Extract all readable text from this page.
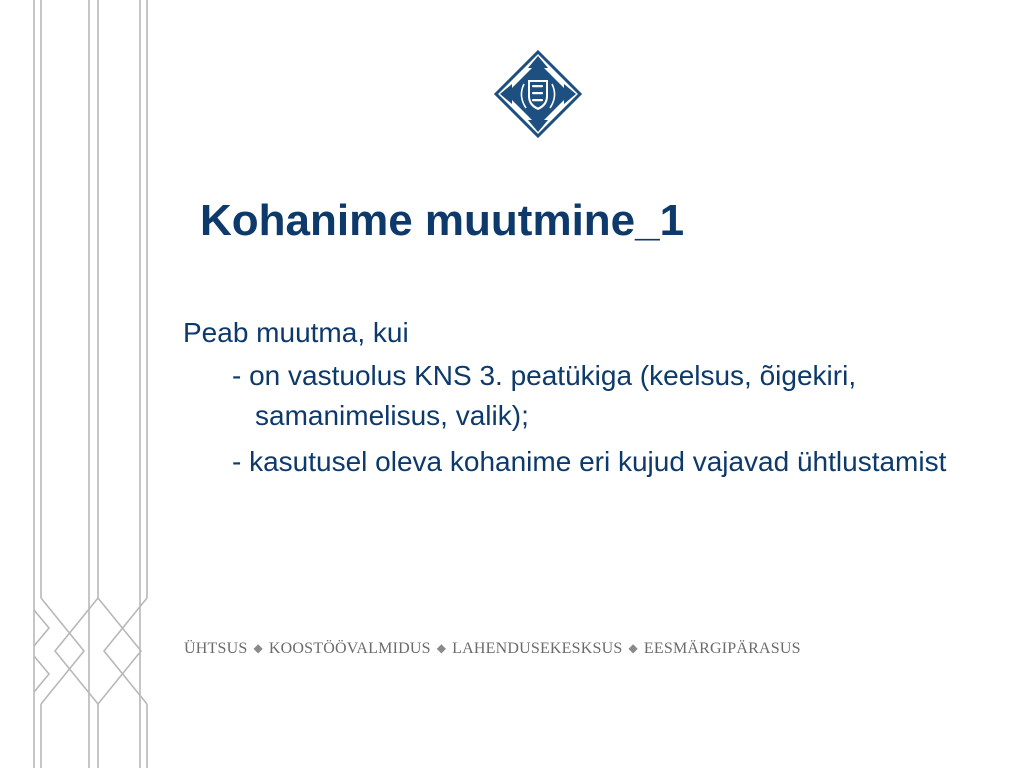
Kohanime muutmine_1

Peab muutma, kui

- on vastuolus KNS 3. peatükiga (keelsus, õigekiri, samanimelisus, valik);
- kasutusel oleva kohanime eri kujud vajavad ühtlustamist
ÜHTSUS ◆ KOOSTÖÖVALMIDUS ◆ LAHENDUSEKESKSUS ◆ EESMÄRGIPÄRASUS
